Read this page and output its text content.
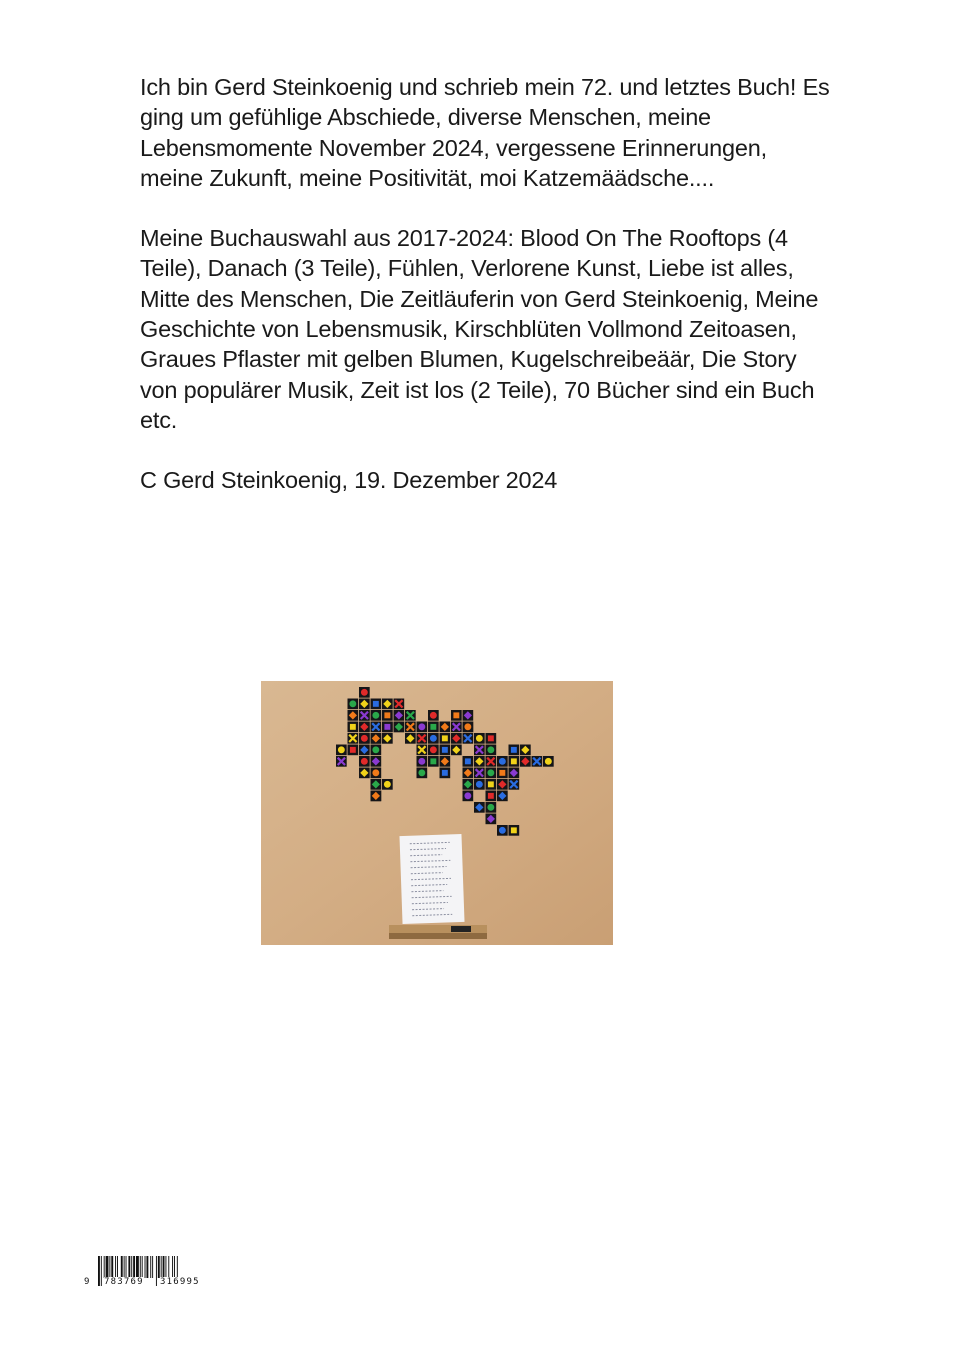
Ich bin Gerd Steinkoenig und schrieb mein 72. und letztes Buch! Es ging um gefühlige Abschiede, diverse Menschen, meine Lebensmomente November 2024, vergessene Erinnerungen, meine Zukunft, meine Positivität, moi Katzemäädsche....

Meine Buchauswahl aus 2017-2024: Blood On The Rooftops (4 Teile), Danach (3 Teile), Fühlen, Verlorene Kunst, Liebe ist alles, Mitte des Menschen, Die Zeitläuferin von Gerd Steinkoenig, Meine Geschichte von Lebensmusik, Kirschblüten Vollmond Zeitoasen, Graues Pflaster mit gelben Blumen, Kugelschreibeäär, Die Story von populärer Musik, Zeit ist los (2 Teile), 70 Bücher sind ein Buch etc.

C Gerd Steinkoenig, 19. Dezember 2024

9 783769 316995
